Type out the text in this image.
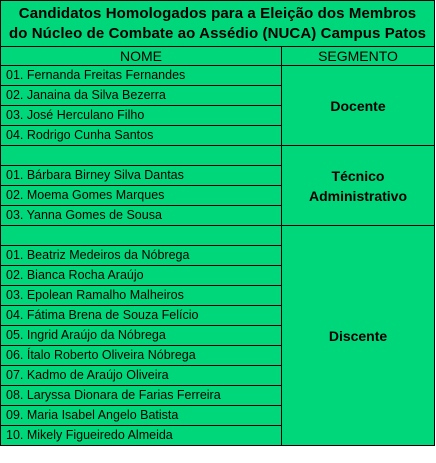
Candidatos Homologados para a Eleição dos Membros
do Núcleo de Combate ao Assédio (NUCA) Campus Patos	

NOME	SEGMENTO
01. Fernanda Freitas Fernandes	Docente

02. Janaina da Silva Bezerra	
03. José Herculano Filho	
04. Rodrigo Cunha Santos	

	Técnico
Administrativo

01. Bárbara Birney Silva Dantas	
02. Moema Gomes Marques	
03. Yanna Gomes de Sousa	

	Discente

01. Beatriz Medeiros da Nóbrega	
02. Bianca Rocha Araújo	
03. Epolean Ramalho Malheiros	
04. Fátima Brena de Souza Felício	
05. Ingrid Araújo da Nóbrega	
06. Ítalo Roberto Oliveira Nóbrega	
07. Kadmo de Araújo Oliveira	
08. Laryssa Dionara de Farias Ferreira	
09. Maria Isabel Angelo Batista	
10. Mikely Figueiredo Almeida	
